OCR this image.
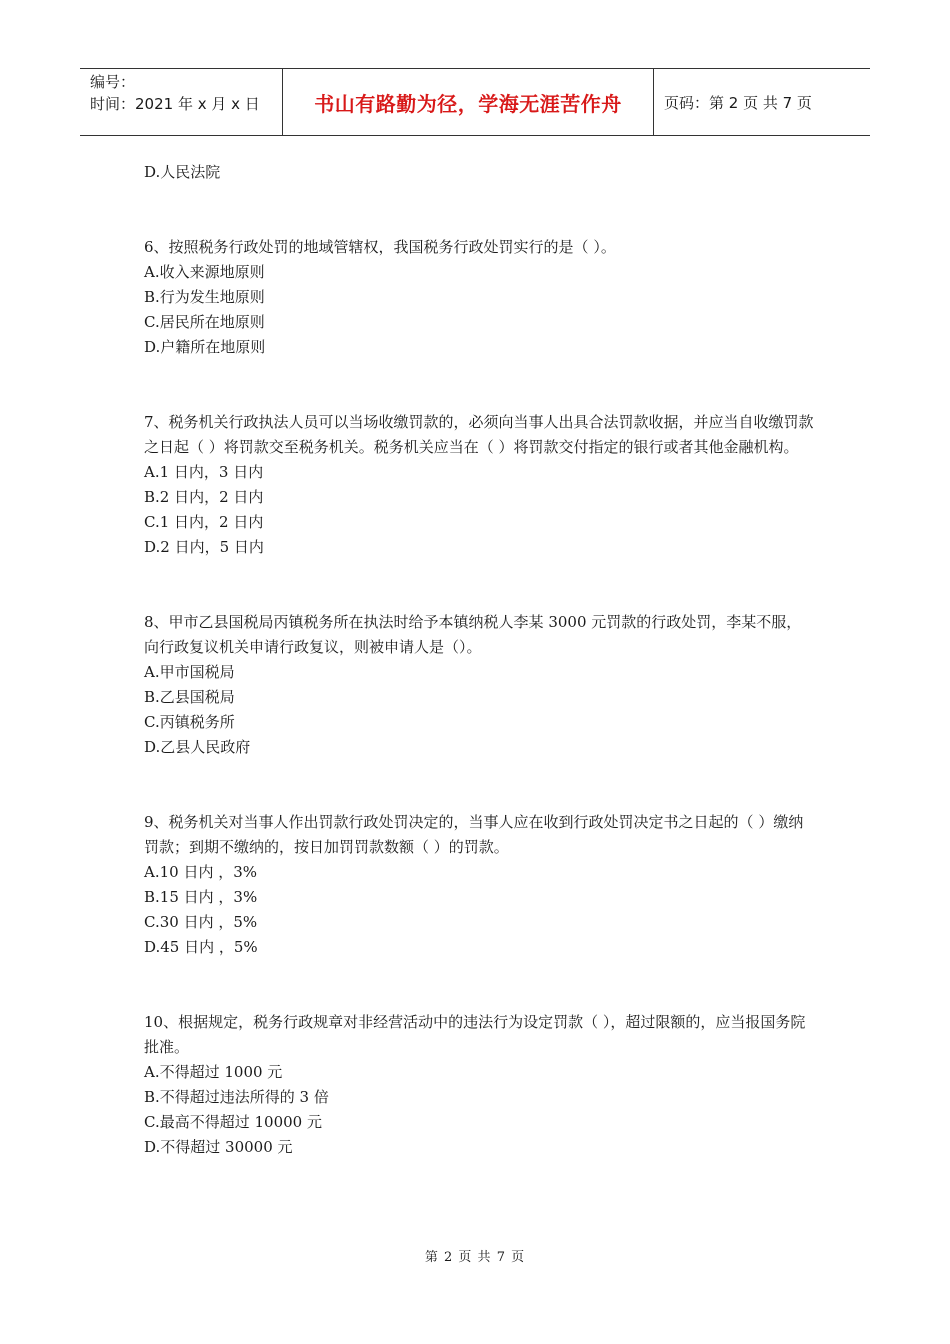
编号：
时间：2021 年 x 月 x 日	书山有路勤为径，学海无涯苦作舟	页码：第 2 页 共 7 页
D.人民法院
6、按照税务行政处罚的地域管辖权，我国税务行政处罚实行的是（ ）。
A.收入来源地原则
B.行为发生地原则
C.居民所在地原则
D.户籍所在地原则
7、税务机关行政执法人员可以当场收缴罚款的，必须向当事人出具合法罚款收据，并应当自收缴罚款之日起（ ）将罚款交至税务机关。税务机关应当在（ ）将罚款交付指定的银行或者其他金融机构。
A.1 日内，3 日内
B.2 日内，2 日内
C.1 日内，2 日内
D.2 日内，5 日内
8、甲市乙县国税局丙镇税务所在执法时给予本镇纳税人李某 3000 元罚款的行政处罚，李某不服，向行政复议机关申请行政复议，则被申请人是（）。
A.甲市国税局
B.乙县国税局
C.丙镇税务所
D.乙县人民政府
9、税务机关对当事人作出罚款行政处罚决定的，当事人应在收到行政处罚决定书之日起的（ ）缴纳罚款；到期不缴纳的，按日加罚罚款数额（ ）的罚款。
A.10 日内 ，3%
B.15 日内 ，3%
C.30 日内 ，5%
D.45 日内 ，5%
10、根据规定，税务行政规章对非经营活动中的违法行为设定罚款（ ），超过限额的，应当报国务院批准。
A.不得超过 1000 元
B.不得超过违法所得的 3 倍
C.最高不得超过 10000 元
D.不得超过 30000 元
第 2 页 共 7 页
